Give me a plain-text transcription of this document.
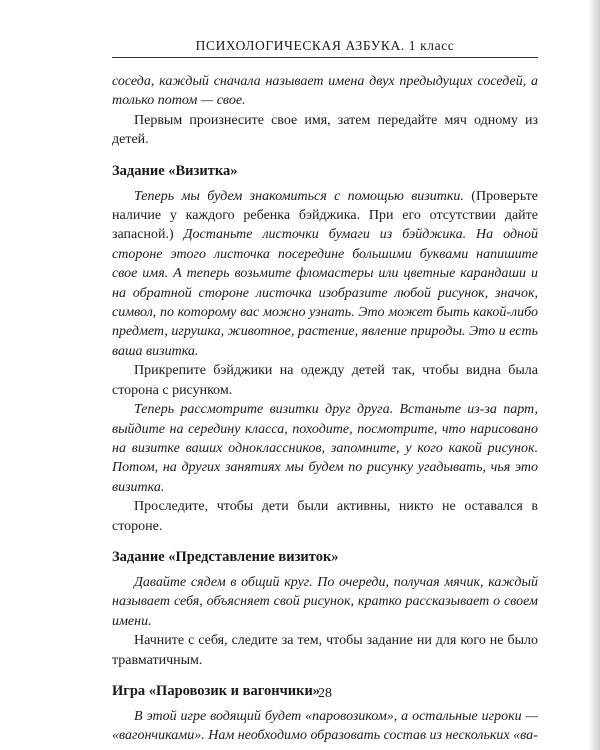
ПСИХОЛОГИЧЕСКАЯ АЗБУКА. 1 класс

соседа, каждый сначала называет имена двух предыдущих соседей, а только потом — свое.

Первым произнесите свое имя, затем передайте мяч одному из детей.

Задание «Визитка»

Теперь мы будем знакомиться с помощью визитки. (Проверьте наличие у каждого ребенка бэйджика. При его отсутствии дайте запасной.) Достаньте листочки бумаги из бэйджика. На одной стороне этого листочка посередине большими буквами напишите свое имя. А теперь возьмите фломастеры или цветные карандаши и на обратной стороне листочка изобразите любой рисунок, значок, символ, по которому вас можно узнать. Это может быть какой-либо предмет, игрушка, животное, растение, явление природы. Это и есть ваша визитка.

Прикрепите бэйджики на одежду детей так, чтобы видна была сторона с рисунком.

Теперь рассмотрите визитки друг друга. Встаньте из-за парт, выйдите на середину класса, походите, посмотрите, что нарисовано на визитке ваших одноклассников, запомните, у кого какой рисунок. Потом, на других занятиях мы будем по рисунку угадывать, чья это визитка.

Проследите, чтобы дети были активны, никто не оставался в стороне.

Задание «Представление визиток»

Давайте сядем в общий круг. По очереди, получая мячик, каждый называет себя, объясняет свой рисунок, кратко рассказывает о своем имени.

Начните с себя, следите за тем, чтобы задание ни для кого не было травматичным.

Игра «Паровозик и вагончики»

В этой игре водящий будет «паровозиком», а остальные игроки — «вагончиками». Нам необходимо образовать состав из нескольких «ва-

28
